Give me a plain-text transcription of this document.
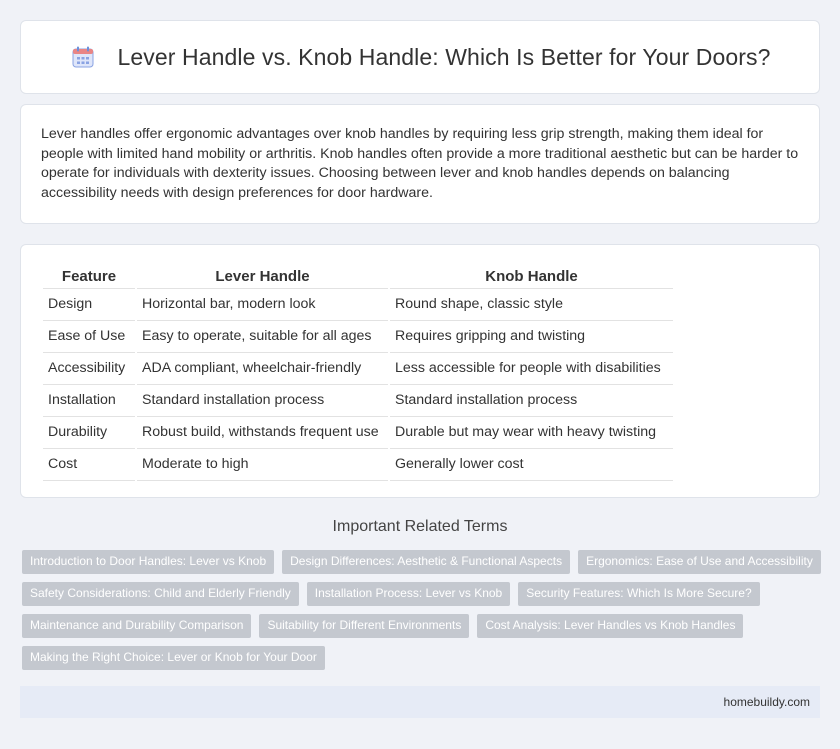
Lever Handle vs. Knob Handle: Which Is Better for Your Doors?

Lever handles offer ergonomic advantages over knob handles by requiring less grip strength, making them ideal for people with limited hand mobility or arthritis. Knob handles often provide a more traditional aesthetic but can be harder to operate for individuals with dexterity issues. Choosing between lever and knob handles depends on balancing accessibility needs with design preferences for door hardware.

Feature	Lever Handle	Knob Handle
Design	Horizontal bar, modern look	Round shape, classic style
Ease of Use	Easy to operate, suitable for all ages	Requires gripping and twisting
Accessibility	ADA compliant, wheelchair-friendly	Less accessible for people with disabilities
Installation	Standard installation process	Standard installation process
Durability	Robust build, withstands frequent use	Durable but may wear with heavy twisting
Cost	Moderate to high	Generally lower cost
Important Related Terms
Introduction to Door Handles: Lever vs Knob	Design Differences: Aesthetic & Functional Aspects	Ergonomics: Ease of Use and Accessibility
Safety Considerations: Child and Elderly Friendly	Installation Process: Lever vs Knob	Security Features: Which Is More Secure?
Maintenance and Durability Comparison	Suitability for Different Environments	Cost Analysis: Lever Handles vs Knob Handles
Making the Right Choice: Lever or Knob for Your Door
homebuildy.com
